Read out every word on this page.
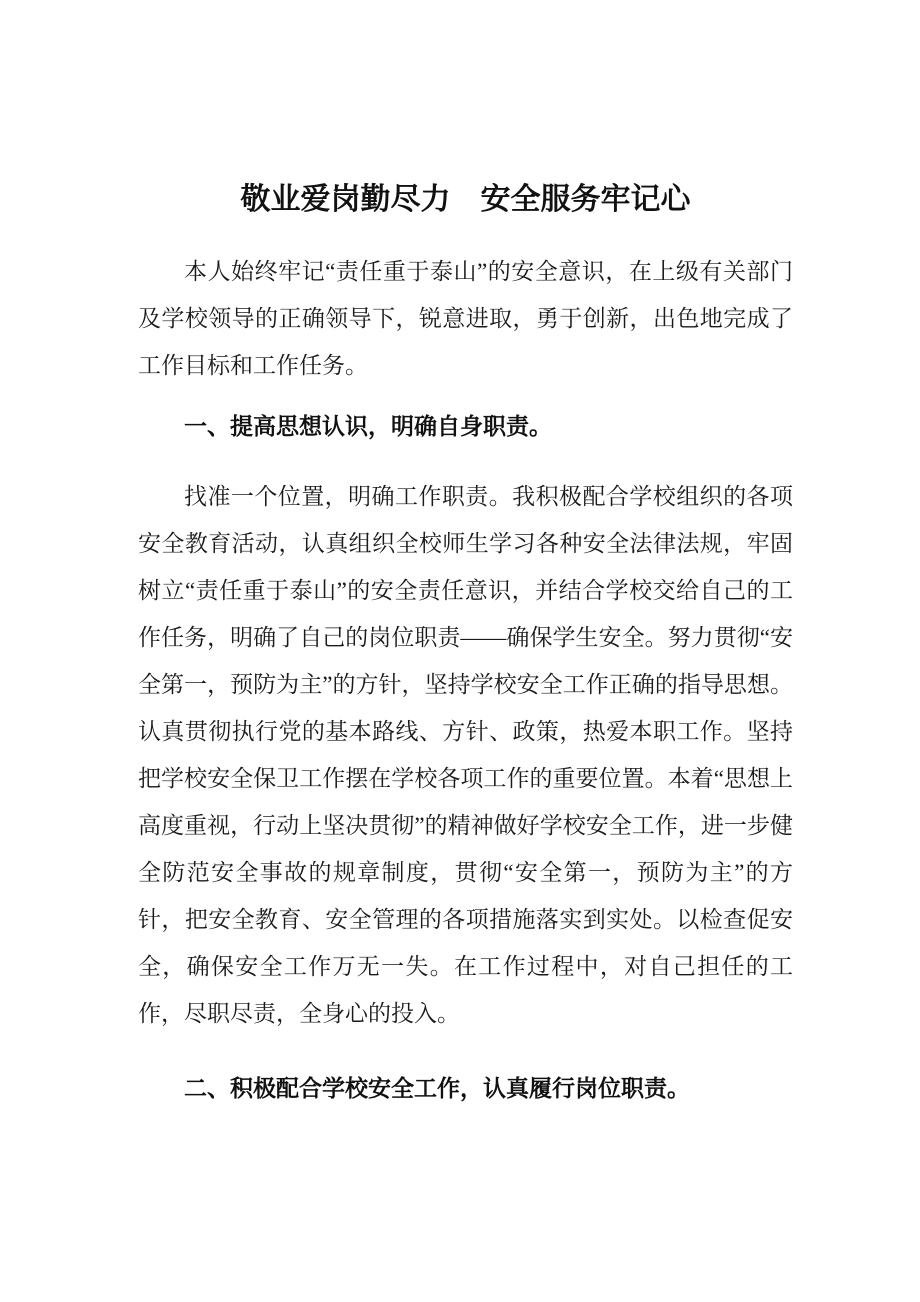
敬业爱岗勤尽力　安全服务牢记心

本人始终牢记“责任重于泰山”的安全意识，在上级有关部门及学校领导的正确领导下，锐意进取，勇于创新，出色地完成了工作目标和工作任务。

一、提高思想认识，明确自身职责。

找准一个位置，明确工作职责。我积极配合学校组织的各项安全教育活动，认真组织全校师生学习各种安全法律法规，牢固树立“责任重于泰山”的安全责任意识，并结合学校交给自己的工作任务，明确了自己的岗位职责——确保学生安全。努力贯彻“安全第一，预防为主”的方针，坚持学校安全工作正确的指导思想。认真贯彻执行党的基本路线、方针、政策，热爱本职工作。坚持把学校安全保卫工作摆在学校各项工作的重要位置。本着“思想上高度重视，行动上坚决贯彻”的精神做好学校安全工作，进一步健全防范安全事故的规章制度，贯彻“安全第一，预防为主”的方针，把安全教育、安全管理的各项措施落实到实处。以检查促安全，确保安全工作万无一失。在工作过程中，对自己担任的工作，尽职尽责，全身心的投入。

二、积极配合学校安全工作，认真履行岗位职责。
